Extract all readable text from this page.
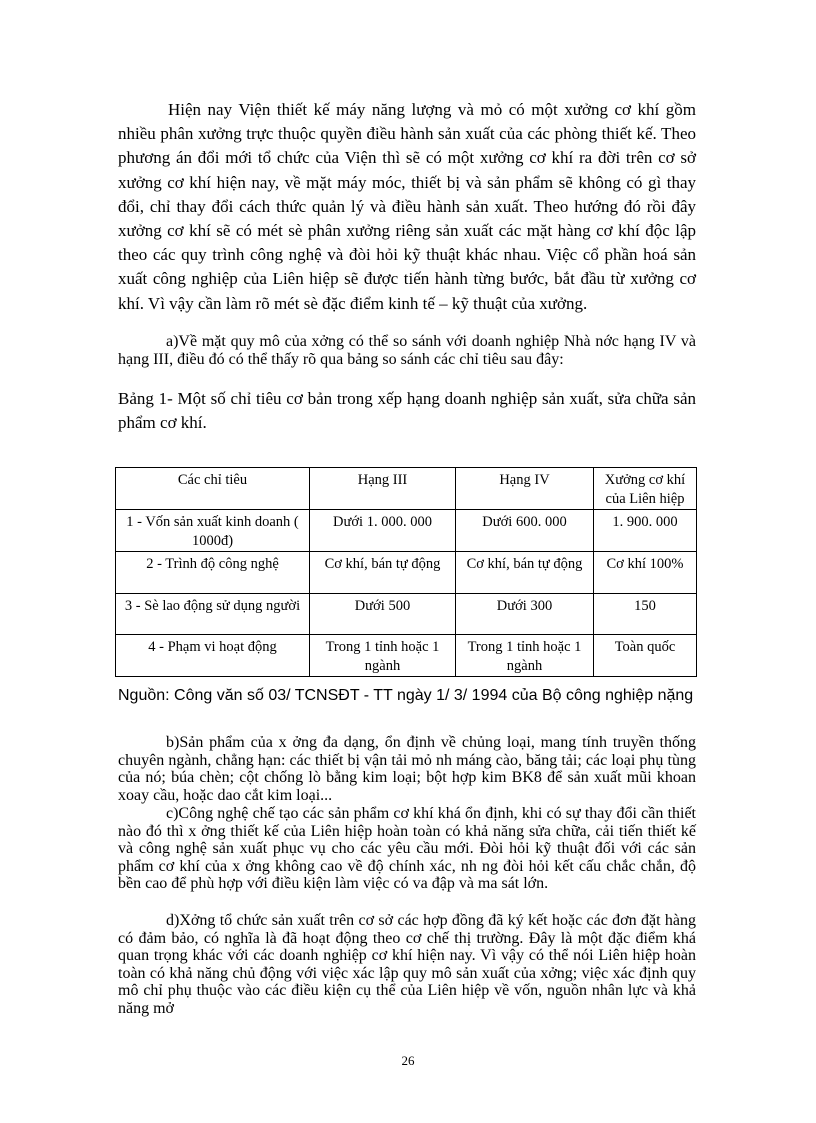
Hiện nay Viện thiết kế máy năng lượng và mỏ có một xưởng cơ khí gồm nhiều phân xưởng trực thuộc quyền điều hành sản xuất của các phòng thiết kế. Theo phương án đổi mới tổ chức của Viện thì sẽ có một xưởng cơ khí ra đời trên cơ sở xưởng cơ khí hiện nay, về mặt máy móc, thiết bị và sản phẩm sẽ không có gì thay đổi, chỉ thay đổi cách thức quản lý và điều hành sản xuất. Theo hướng đó rồi đây xưởng cơ khí sẽ có mét sè phân xưởng riêng sản xuất các mặt hàng cơ khí độc lập theo các quy trình công nghệ và đòi hỏi kỹ thuật khác nhau. Việc cổ phần hoá sản xuất công nghiệp của Liên hiệp sẽ được tiến hành từng bước, bắt đầu từ xưởng cơ khí. Vì vậy cần làm rõ mét sè đặc điểm kinh tế – kỹ thuật của xưởng.

a)Về mặt quy mô của xởng có thể so sánh với doanh nghiệp Nhà nớc hạng IV và hạng III, điều đó có thể thấy rõ qua bảng so sánh các chỉ tiêu sau đây:

Bảng 1- Một số chỉ tiêu cơ bản trong xếp hạng doanh nghiệp sản xuất, sửa chữa sản phẩm cơ khí.

Các chỉ tiêu	Hạng III	Hạng IV	Xưởng cơ khí của Liên hiệp
1 - Vốn sản xuất kinh doanh ( 1000đ)	Dưới 1. 000. 000	Dưới 600. 000	1. 900. 000
2 - Trình độ công nghệ	Cơ khí, bán tự động	Cơ khí, bán tự động	Cơ khí 100%
3 - Sè lao động sử dụng người	Dưới 500	Dưới 300	150
4 - Phạm vi hoạt động	Trong 1 tỉnh hoặc 1 ngành	Trong 1 tỉnh hoặc 1 ngành	Toàn quốc

Nguồn: Công văn số 03/ TCNSĐT - TT ngày 1/ 3/ 1994 của Bộ công nghiệp nặng

b)Sản phẩm của x ởng đa dạng, ổn định về chủng loại, mang tính truyền thống chuyên ngành, chẳng hạn: các thiết bị vận tải mỏ nh máng cào, băng tải; các loại phụ tùng của nó; búa chèn; cột chống lò bằng kim loại; bột hợp kim BK8 để sản xuất mũi khoan xoay cầu, hoặc dao cắt kim loại...

c)Công nghệ chế tạo các sản phẩm cơ khí khá ổn định, khi có sự thay đổi cần thiết nào đó thì x ởng thiết kế của Liên hiệp hoàn toàn có khả năng sửa chữa, cải tiến thiết kế và công nghệ sản xuất phục vụ cho các yêu cầu mới. Đòi hỏi kỹ thuật đối với các sản phẩm cơ khí của x ởng không cao về độ chính xác, nh ng đòi hỏi kết cấu chắc chắn, độ bền cao để phù hợp với điều kiện làm việc có va đập và ma sát lớn.

d)Xởng tổ chức sản xuất trên cơ sở các hợp đồng đã ký kết hoặc các đơn đặt hàng có đảm bảo, có nghĩa là đã hoạt động theo cơ chế thị trường. Đây là một đặc điểm khá quan trọng khác với các doanh nghiệp cơ khí hiện nay. Vì vậy có thể nói Liên hiệp hoàn toàn có khả năng chủ động với việc xác lập quy mô sản xuất của xởng; việc xác định quy mô chỉ phụ thuộc vào các điều kiện cụ thể của Liên hiệp về vốn, nguồn nhân lực và khả năng mở

26
